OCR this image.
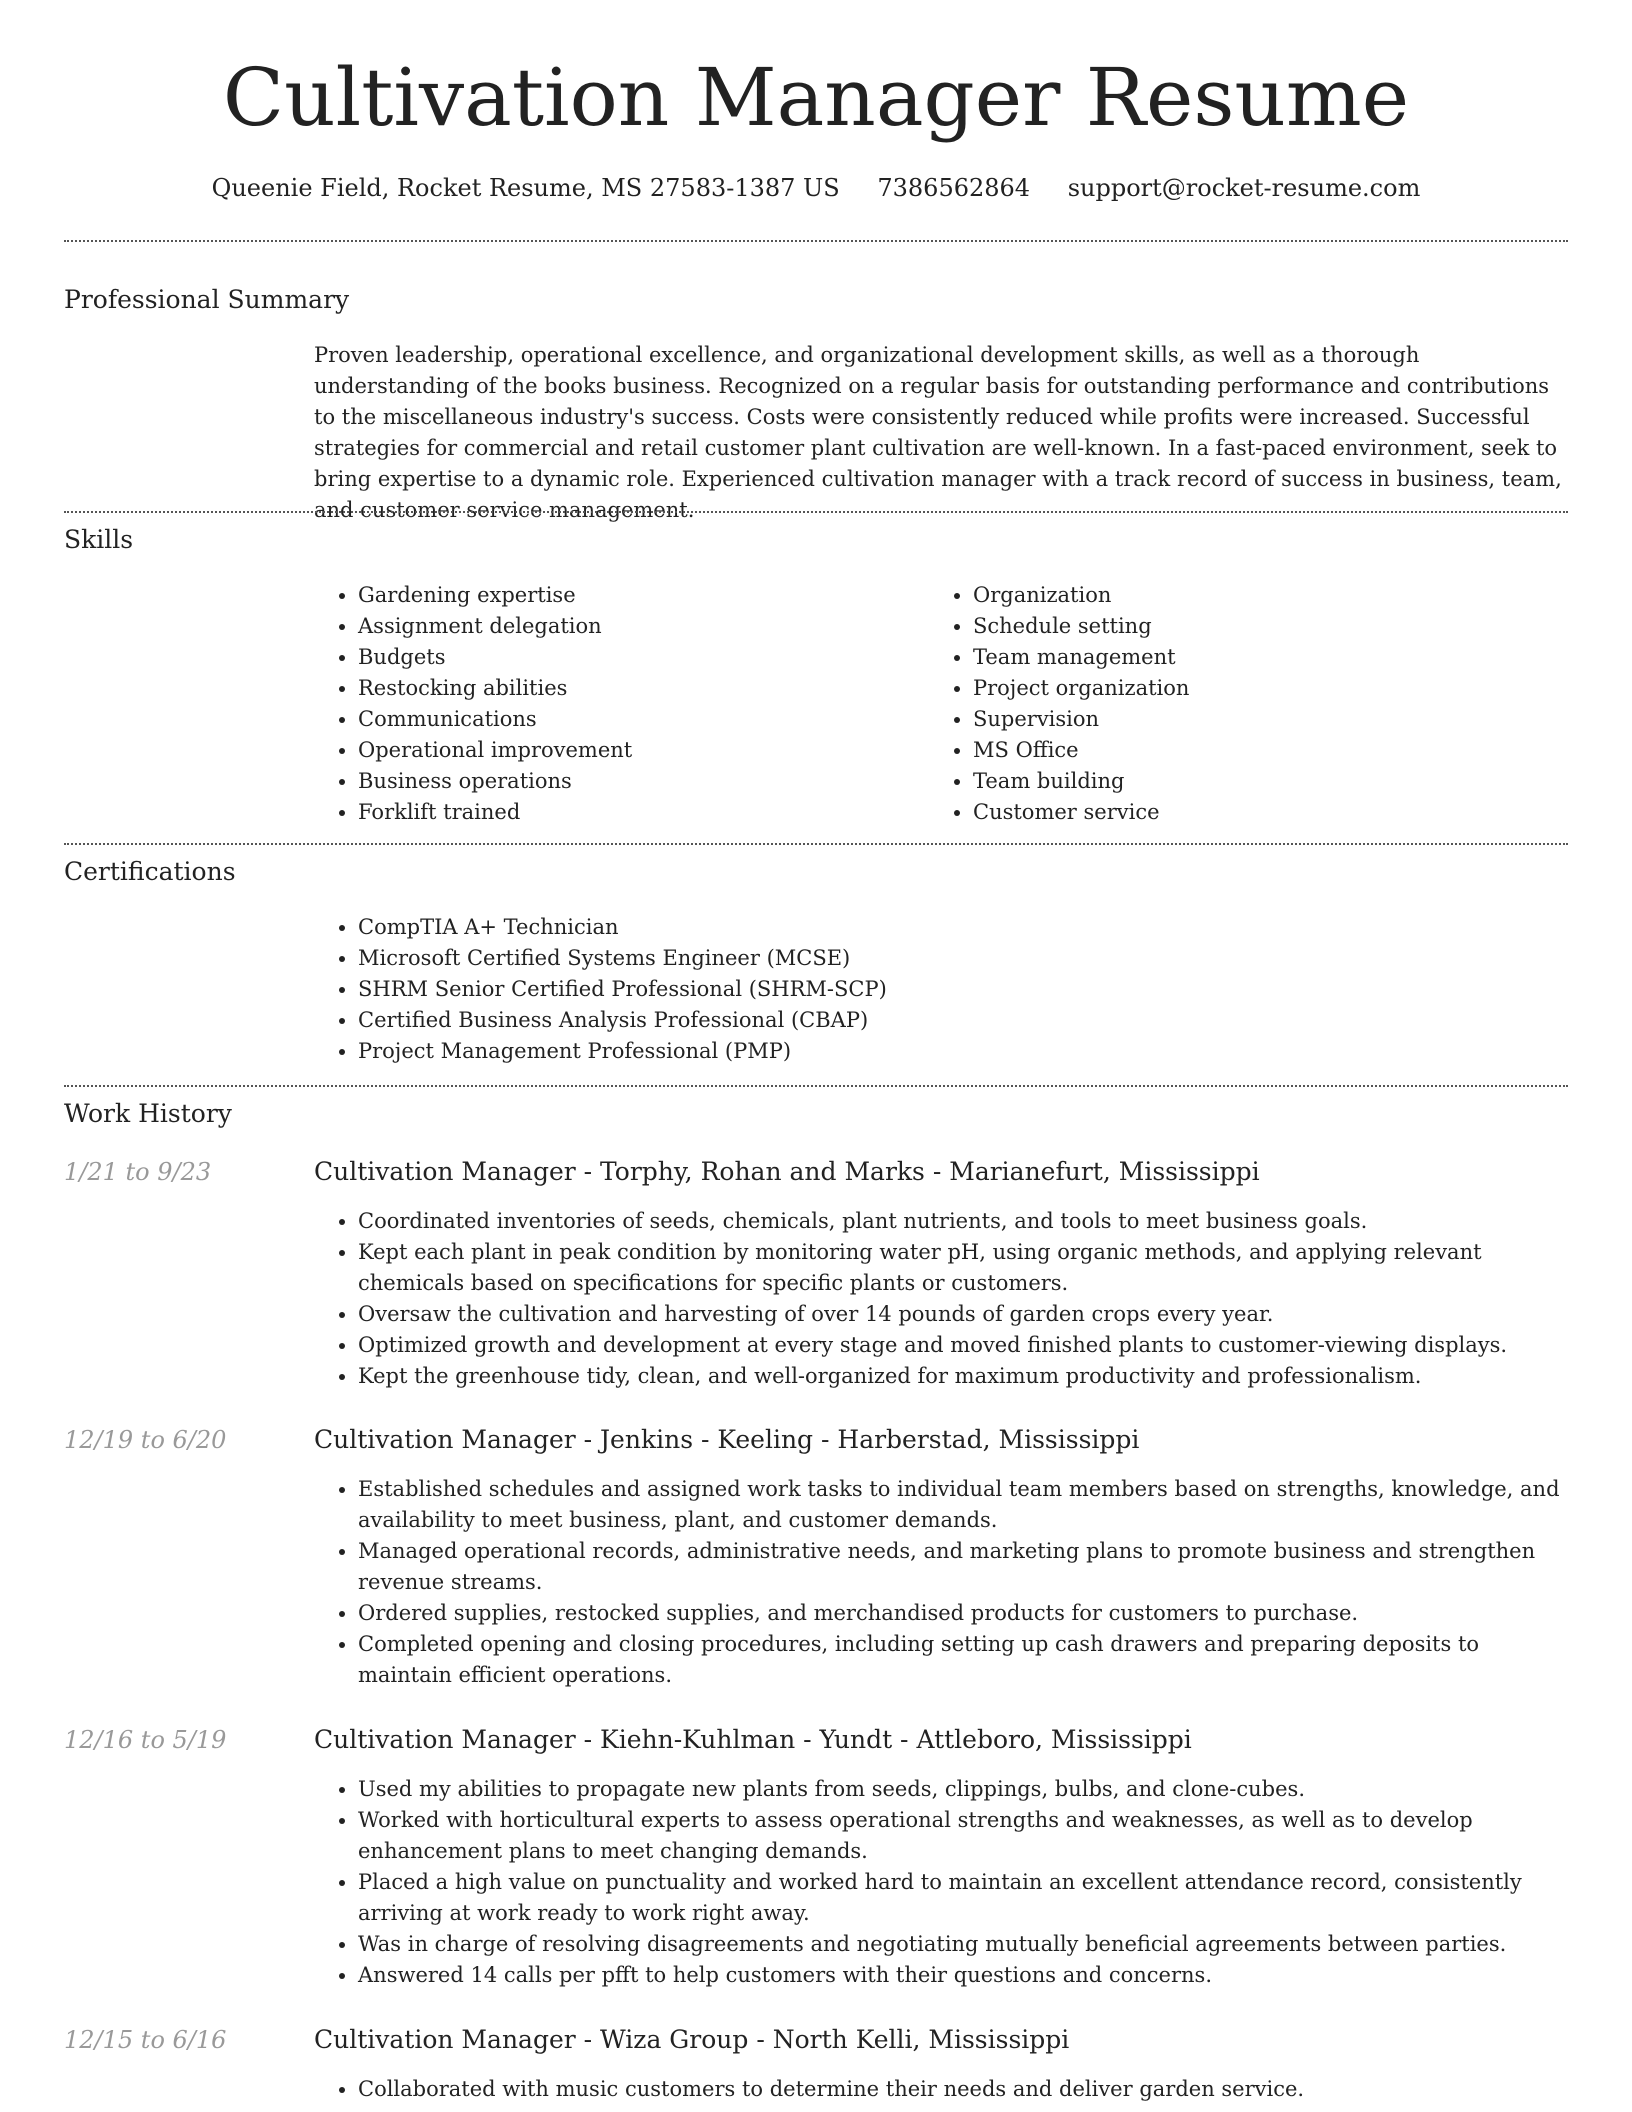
Cultivation Manager Resume
Queenie Field, Rocket Resume, MS 27583-1387 US 7386562864 support@rocket-resume.com
Professional Summary
Proven leadership, operational excellence, and organizational development skills, as well as a thorough understanding of the books business. Recognized on a regular basis for outstanding performance and contributions to the miscellaneous industry's success. Costs were consistently reduced while profits were increased. Successful strategies for commercial and retail customer plant cultivation are well-known. In a fast-paced environment, seek to bring expertise to a dynamic role. Experienced cultivation manager with a track record of success in business, team, and customer service management.
Skills
• Gardening expertise
• Assignment delegation
• Budgets
• Restocking abilities
• Communications
• Operational improvement
• Business operations
• Forklift trained
• Organization
• Schedule setting
• Team management
• Project organization
• Supervision
• MS Office
• Team building
• Customer service
Certifications
• CompTIA A+ Technician
• Microsoft Certified Systems Engineer (MCSE)
• SHRM Senior Certified Professional (SHRM-SCP)
• Certified Business Analysis Professional (CBAP)
• Project Management Professional (PMP)
Work History
1/21 to 9/23	Cultivation Manager - Torphy, Rohan and Marks - Marianefurt, Mississippi
• Coordinated inventories of seeds, chemicals, plant nutrients, and tools to meet business goals.
• Kept each plant in peak condition by monitoring water pH, using organic methods, and applying relevant chemicals based on specifications for specific plants or customers.
• Oversaw the cultivation and harvesting of over 14 pounds of garden crops every year.
• Optimized growth and development at every stage and moved finished plants to customer-viewing displays.
• Kept the greenhouse tidy, clean, and well-organized for maximum productivity and professionalism.
12/19 to 6/20	Cultivation Manager - Jenkins - Keeling - Harberstad, Mississippi
• Established schedules and assigned work tasks to individual team members based on strengths, knowledge, and availability to meet business, plant, and customer demands.
• Managed operational records, administrative needs, and marketing plans to promote business and strengthen revenue streams.
• Ordered supplies, restocked supplies, and merchandised products for customers to purchase.
• Completed opening and closing procedures, including setting up cash drawers and preparing deposits to maintain efficient operations.
12/16 to 5/19	Cultivation Manager - Kiehn-Kuhlman - Yundt - Attleboro, Mississippi
• Used my abilities to propagate new plants from seeds, clippings, bulbs, and clone-cubes.
• Worked with horticultural experts to assess operational strengths and weaknesses, as well as to develop enhancement plans to meet changing demands.
• Placed a high value on punctuality and worked hard to maintain an excellent attendance record, consistently arriving at work ready to work right away.
• Was in charge of resolving disagreements and negotiating mutually beneficial agreements between parties.
• Answered 14 calls per pfft to help customers with their questions and concerns.
12/15 to 6/16	Cultivation Manager - Wiza Group - North Kelli, Mississippi
• Collaborated with music customers to determine their needs and deliver garden service.
